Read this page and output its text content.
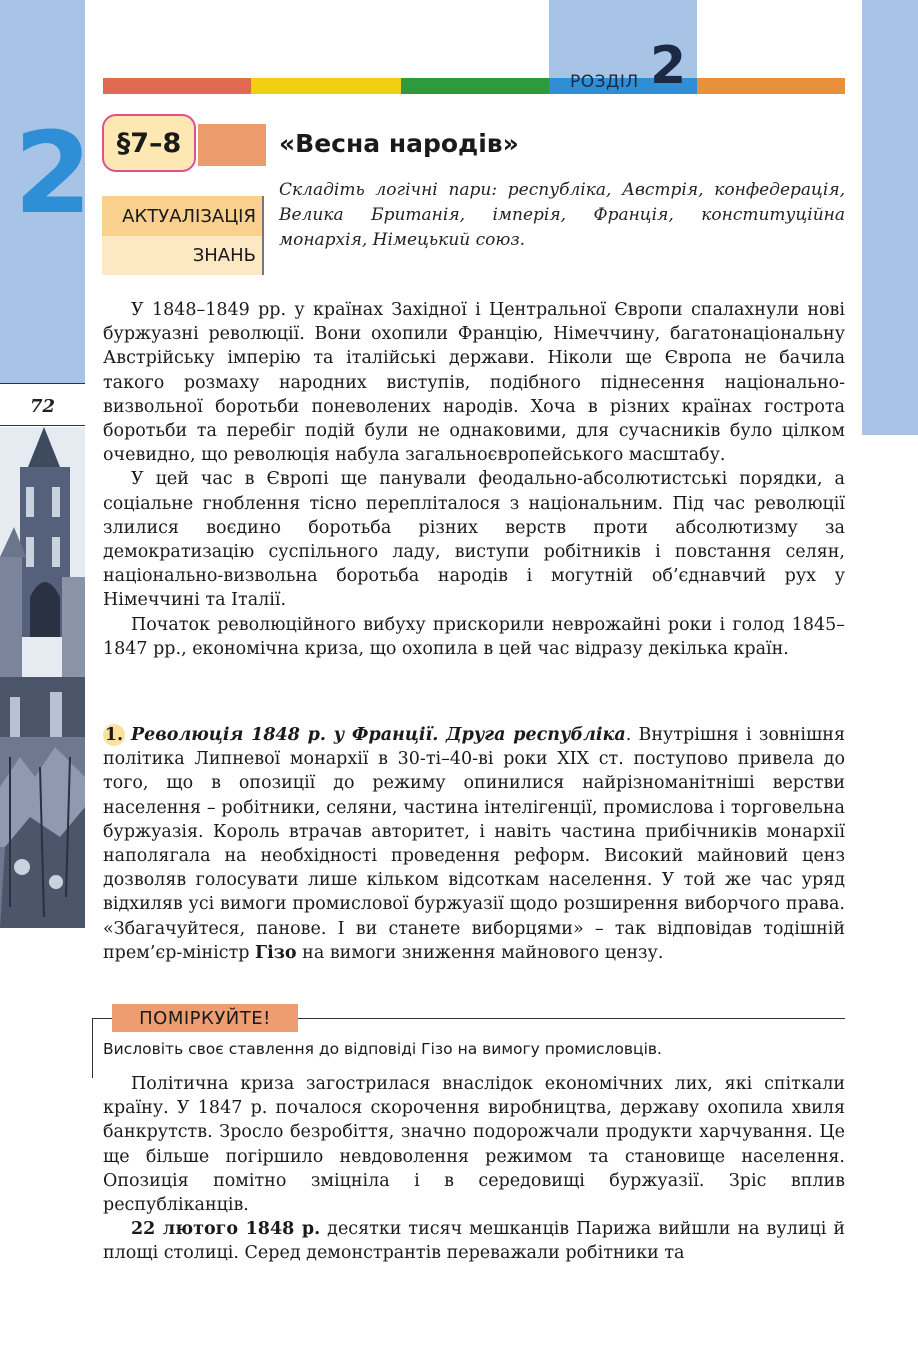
2
72
РОЗДІЛ 2
§7–8	«Весна народів»
АКТУАЛІЗАЦІЯ
ЗНАНЬ
Складіть логічні пари: республіка, Австрія, конфедерація, Велика Британія, імперія, Франція, конституційна монархія, Німецький союз.

У 1848–1849 рр. у країнах Західної і Центральної Європи спалахнули нові буржуазні революції. Вони охопили Францію, Німеччину, багатонаціональну Австрійську імперію та італійські держави. Ніколи ще Європа не бачила такого розмаху народних виступів, подібного піднесення національно-визвольної боротьби поневолених народів. Хоча в різних країнах гострота боротьби та перебіг подій були не однаковими, для сучасників було цілком очевидно, що революція набула загальноєвропейського масштабу.

У цей час в Європі ще панували феодально-абсолютистські порядки, а соціальне гноблення тісно перепліталося з національним. Під час революції злилися воєдино боротьба різних верств проти абсолютизму за демократизацію суспільного ладу, виступи робітників і повстання селян, національно-визвольна боротьба народів і могутній об’єднавчий рух у Німеччині та Італії.

Початок революційного вибуху прискорили неврожайні роки і голод 1845–1847 рр., економічна криза, що охопила в цей час відразу декілька країн.

1. Революція 1848 р. у Франції. Друга республіка. Внутрішня і зовнішня політика Липневої монархії в 30-ті–40-ві роки XIX ст. поступово привела до того, що в опозиції до режиму опинилися найрізноманітніші верстви населення – робітники, селяни, частина інтелігенції, промислова і торговельна буржуазія. Король втрачав авторитет, і навіть частина прибічників монархії наполягала на необхідності проведення реформ. Високий майновий ценз дозволяв голосувати лише кільком відсоткам населення. У той же час уряд відхиляв усі вимоги промислової буржуазії щодо розширення виборчого права. «Збагачуйтеся, панове. І ви станете виборцями» – так відповідав тодішній прем’єр-міністр Гізо на вимоги зниження майнового цензу.

ПОМІРКУЙТЕ!
Висловіть своє ставлення до відповіді Гізо на вимогу промисловців.

Політична криза загострилася внаслідок економічних лих, які спіткали країну. У 1847 р. почалося скорочення виробництва, державу охопила хвиля банкрутств. Зросло безробіття, значно подорожчали продукти харчування. Це ще більше погіршило невдоволення режимом та становище населення. Опозиція помітно зміцніла і в середовищі буржуазії. Зріс вплив республіканців.

22 лютого 1848 р. десятки тисяч мешканців Парижа вийшли на вулиці й площі столиці. Серед демонстрантів переважали робітники та
